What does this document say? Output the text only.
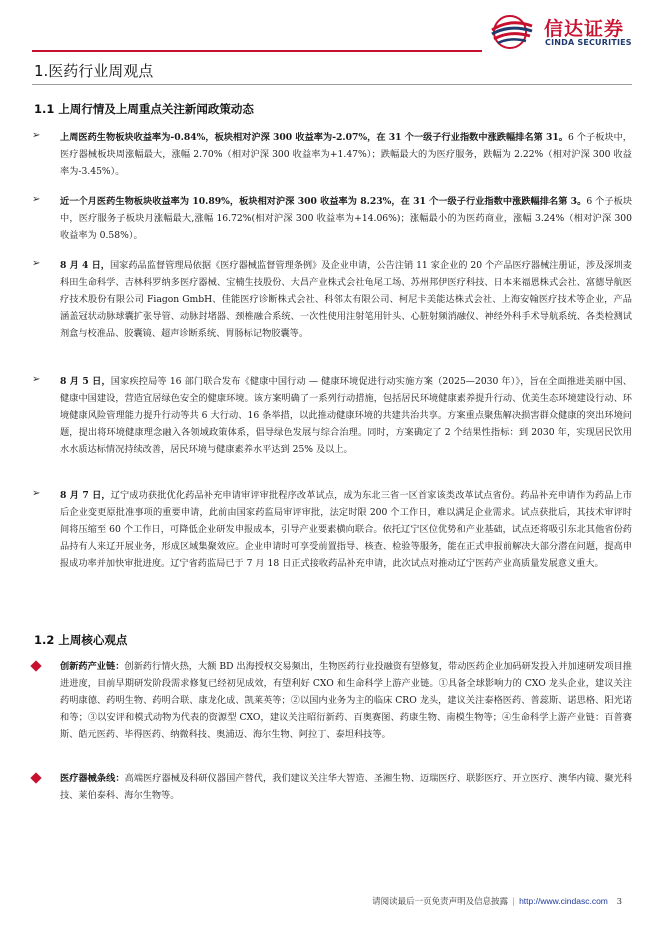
信达证券
CINDA SECURITIES
1.医药行业周观点
1.1 上周行情及上周重点关注新闻政策动态
➢ 上周医药生物板块收益率为-0.84%，板块相对沪深 300 收益率为-2.07%，在 31 个一级子行业指数中涨跌幅排名第 31。6 个子板块中，医疗器械板块周涨幅最大，涨幅 2.70%（相对沪深 300 收益率为+1.47%）；跌幅最大的为医疗服务，跌幅为 2.22%（相对沪深 300 收益率为-3.45%）。

➢ 近一个月医药生物板块收益率为 10.89%，板块相对沪深 300 收益率为 8.23%，在 31 个一级子行业指数中涨跌幅排名第 3。6 个子板块中，医疗服务子板块月涨幅最大,涨幅 16.72%(相对沪深 300 收益率为+14.06%)；涨幅最小的为医药商业，涨幅 3.24%（相对沪深 300 收益率为 0.58%）。

➢ 8 月 4 日，国家药品监督管理局依据《医疗器械监督管理条例》及企业申请，公告注销 11 家企业的 20 个产品医疗器械注册证，涉及深圳麦科田生命科学、吉林科罗纳多医疗器械、宝楠生技股份、大昌产业株式会社龟尾工场、苏州邦伊医疗科技、日本来福恩株式会社、富德导航医疗技术股份有限公司 Fiagon GmbH、佳能医疗诊断株式会社、科邻太有限公司、柯尼卡美能达株式会社、上海安翰医疗技术等企业，产品涵盖冠状动脉球囊扩张导管、动脉封堵器、颈椎融合系统、一次性使用注射笔用针头、心脏射频消融仪、神经外科手术导航系统、各类检测试剂盒与校准品、胶囊镜、超声诊断系统、胃肠标记物胶囊等。

➢ 8 月 5 日，国家疾控局等 16 部门联合发布《健康中国行动 — 健康环境促进行动实施方案（2025—2030 年）》，旨在全面推进美丽中国、健康中国建设，营造宜居绿色安全的健康环境。该方案明确了一系列行动措施，包括居民环境健康素养提升行动、优美生态环境建设行动、环境健康风险管理能力提升行动等共 6 大行动、16 条举措，以此推动健康环境的共建共治共享。方案重点聚焦解决损害群众健康的突出环境问题，提出将环境健康理念融入各领域政策体系，倡导绿色发展与综合治理。同时，方案确定了 2 个结果性指标：到 2030 年，实现居民饮用水水质达标情况持续改善，居民环境与健康素养水平达到 25% 及以上。

➢ 8 月 7 日，辽宁成功获批优化药品补充申请审评审批程序改革试点，成为东北三省一区首家该类改革试点省份。药品补充申请作为药品上市后企业变更原批准事项的重要申请，此前由国家药监局审评审批，法定时限 200 个工作日，难以满足企业需求。试点获批后，其技术审评时间将压缩至 60 个工作日，可降低企业研发申报成本，引导产业要素横向联合。依托辽宁区位优势和产业基础，试点还将吸引东北其他省份药品持有人来辽开展业务，形成区域集聚效应。企业申请时可享受前置指导、核查、检验等服务，能在正式申报前解决大部分潜在问题，提高申报成功率并加快审批进度。辽宁省药监局已于 7 月 18 日正式接收药品补充申请，此次试点对推动辽宁医药产业高质量发展意义重大。

1.2 上周核心观点

创新药产业链：创新药行情火热，大额 BD 出海授权交易频出，生物医药行业投融资有望修复，带动医药企业加码研发投入并加速研发项目推进进度，目前早期研发阶段需求修复已经初见成效，有望利好 CXO 和生命科学上游产业链。①具备全球影响力的 CXO 龙头企业，建议关注药明康德、药明生物、药明合联、康龙化成、凯莱英等；②以国内业务为主的临床 CRO 龙头，建议关注泰格医药、普蕊斯、诺思格、阳光诺和等；③以安评和模式动物为代表的资源型 CXO，建议关注昭衍新药、百奥赛图、药康生物、南模生物等；④生命科学上游产业链：百普赛斯、皓元医药、毕得医药、纳微科技、奥浦迈、海尔生物、阿拉丁、泰坦科技等。

医疗器械条线：高端医疗器械及科研仪器国产替代，我们建议关注华大智造、圣湘生物、迈瑞医疗、联影医疗、开立医疗、澳华内镜、聚光科技、莱伯泰科、海尔生物等。

请阅读最后一页免责声明及信息披露 | http://www.cindasc.com 3
